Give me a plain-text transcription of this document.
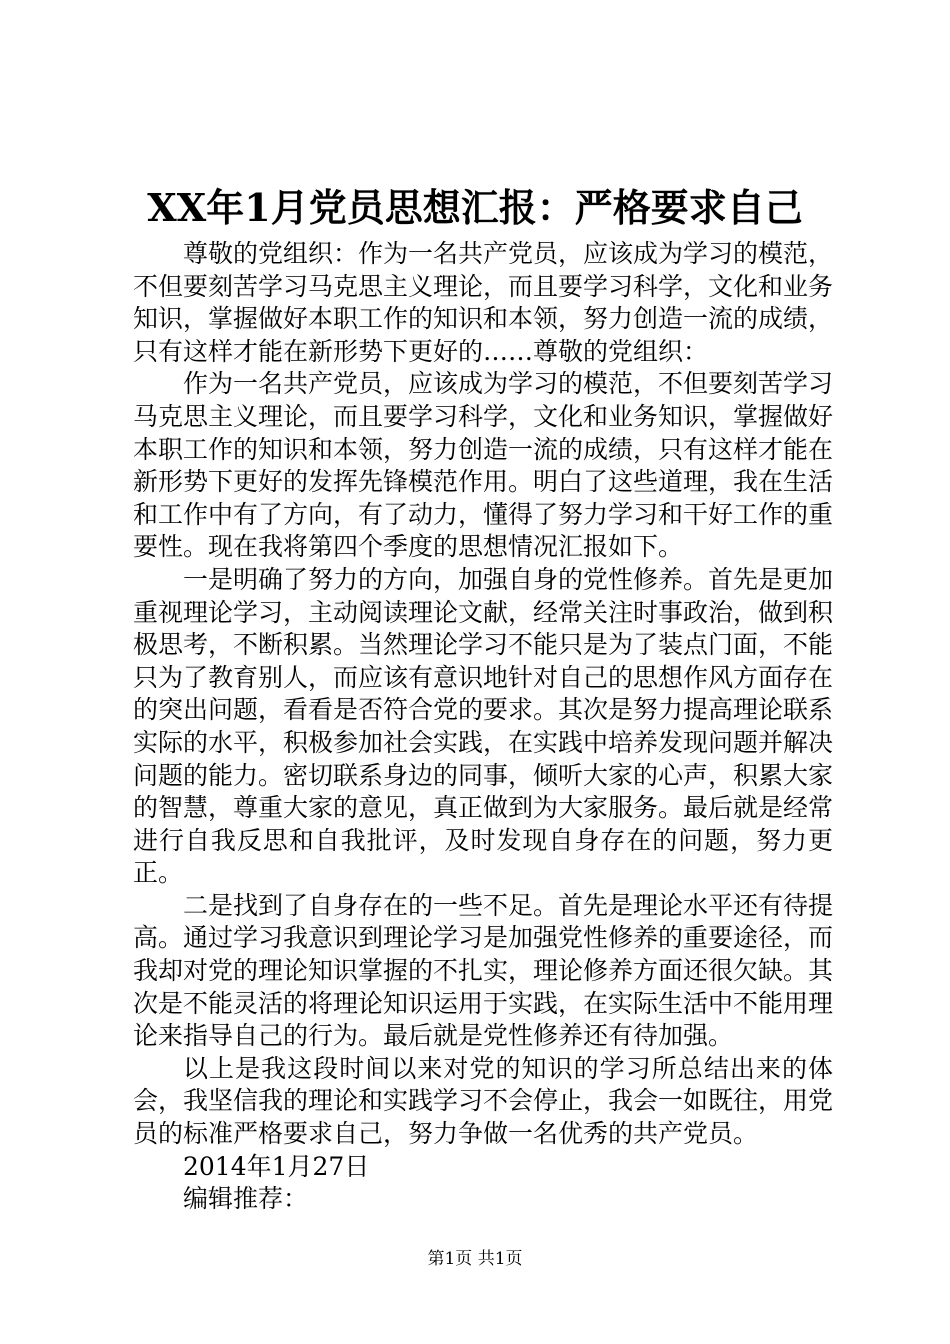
XX年1月党员思想汇报：严格要求自己

尊敬的党组织：作为一名共产党员，应该成为学习的模范，不但要刻苦学习马克思主义理论，而且要学习科学，文化和业务知识，掌握做好本职工作的知识和本领，努力创造一流的成绩，只有这样才能在新形势下更好的……尊敬的党组织：

作为一名共产党员，应该成为学习的模范，不但要刻苦学习马克思主义理论，而且要学习科学，文化和业务知识，掌握做好本职工作的知识和本领，努力创造一流的成绩，只有这样才能在新形势下更好的发挥先锋模范作用。明白了这些道理，我在生活和工作中有了方向，有了动力，懂得了努力学习和干好工作的重要性。现在我将第四个季度的思想情况汇报如下。

一是明确了努力的方向，加强自身的党性修养。首先是更加重视理论学习，主动阅读理论文献，经常关注时事政治，做到积极思考，不断积累。当然理论学习不能只是为了装点门面，不能只为了教育别人，而应该有意识地针对自己的思想作风方面存在的突出问题，看看是否符合党的要求。其次是努力提高理论联系实际的水平，积极参加社会实践，在实践中培养发现问题并解决问题的能力。密切联系身边的同事，倾听大家的心声，积累大家的智慧，尊重大家的意见，真正做到为大家服务。最后就是经常进行自我反思和自我批评，及时发现自身存在的问题，努力更正。

二是找到了自身存在的一些不足。首先是理论水平还有待提高。通过学习我意识到理论学习是加强党性修养的重要途径，而我却对党的理论知识掌握的不扎实，理论修养方面还很欠缺。其次是不能灵活的将理论知识运用于实践，在实际生活中不能用理论来指导自己的行为。最后就是党性修养还有待加强。

以上是我这段时间以来对党的知识的学习所总结出来的体会，我坚信我的理论和实践学习不会停止，我会一如既往，用党员的标准严格要求自己，努力争做一名优秀的共产党员。

2014年1月27日

编辑推荐：

第1页 共1页
